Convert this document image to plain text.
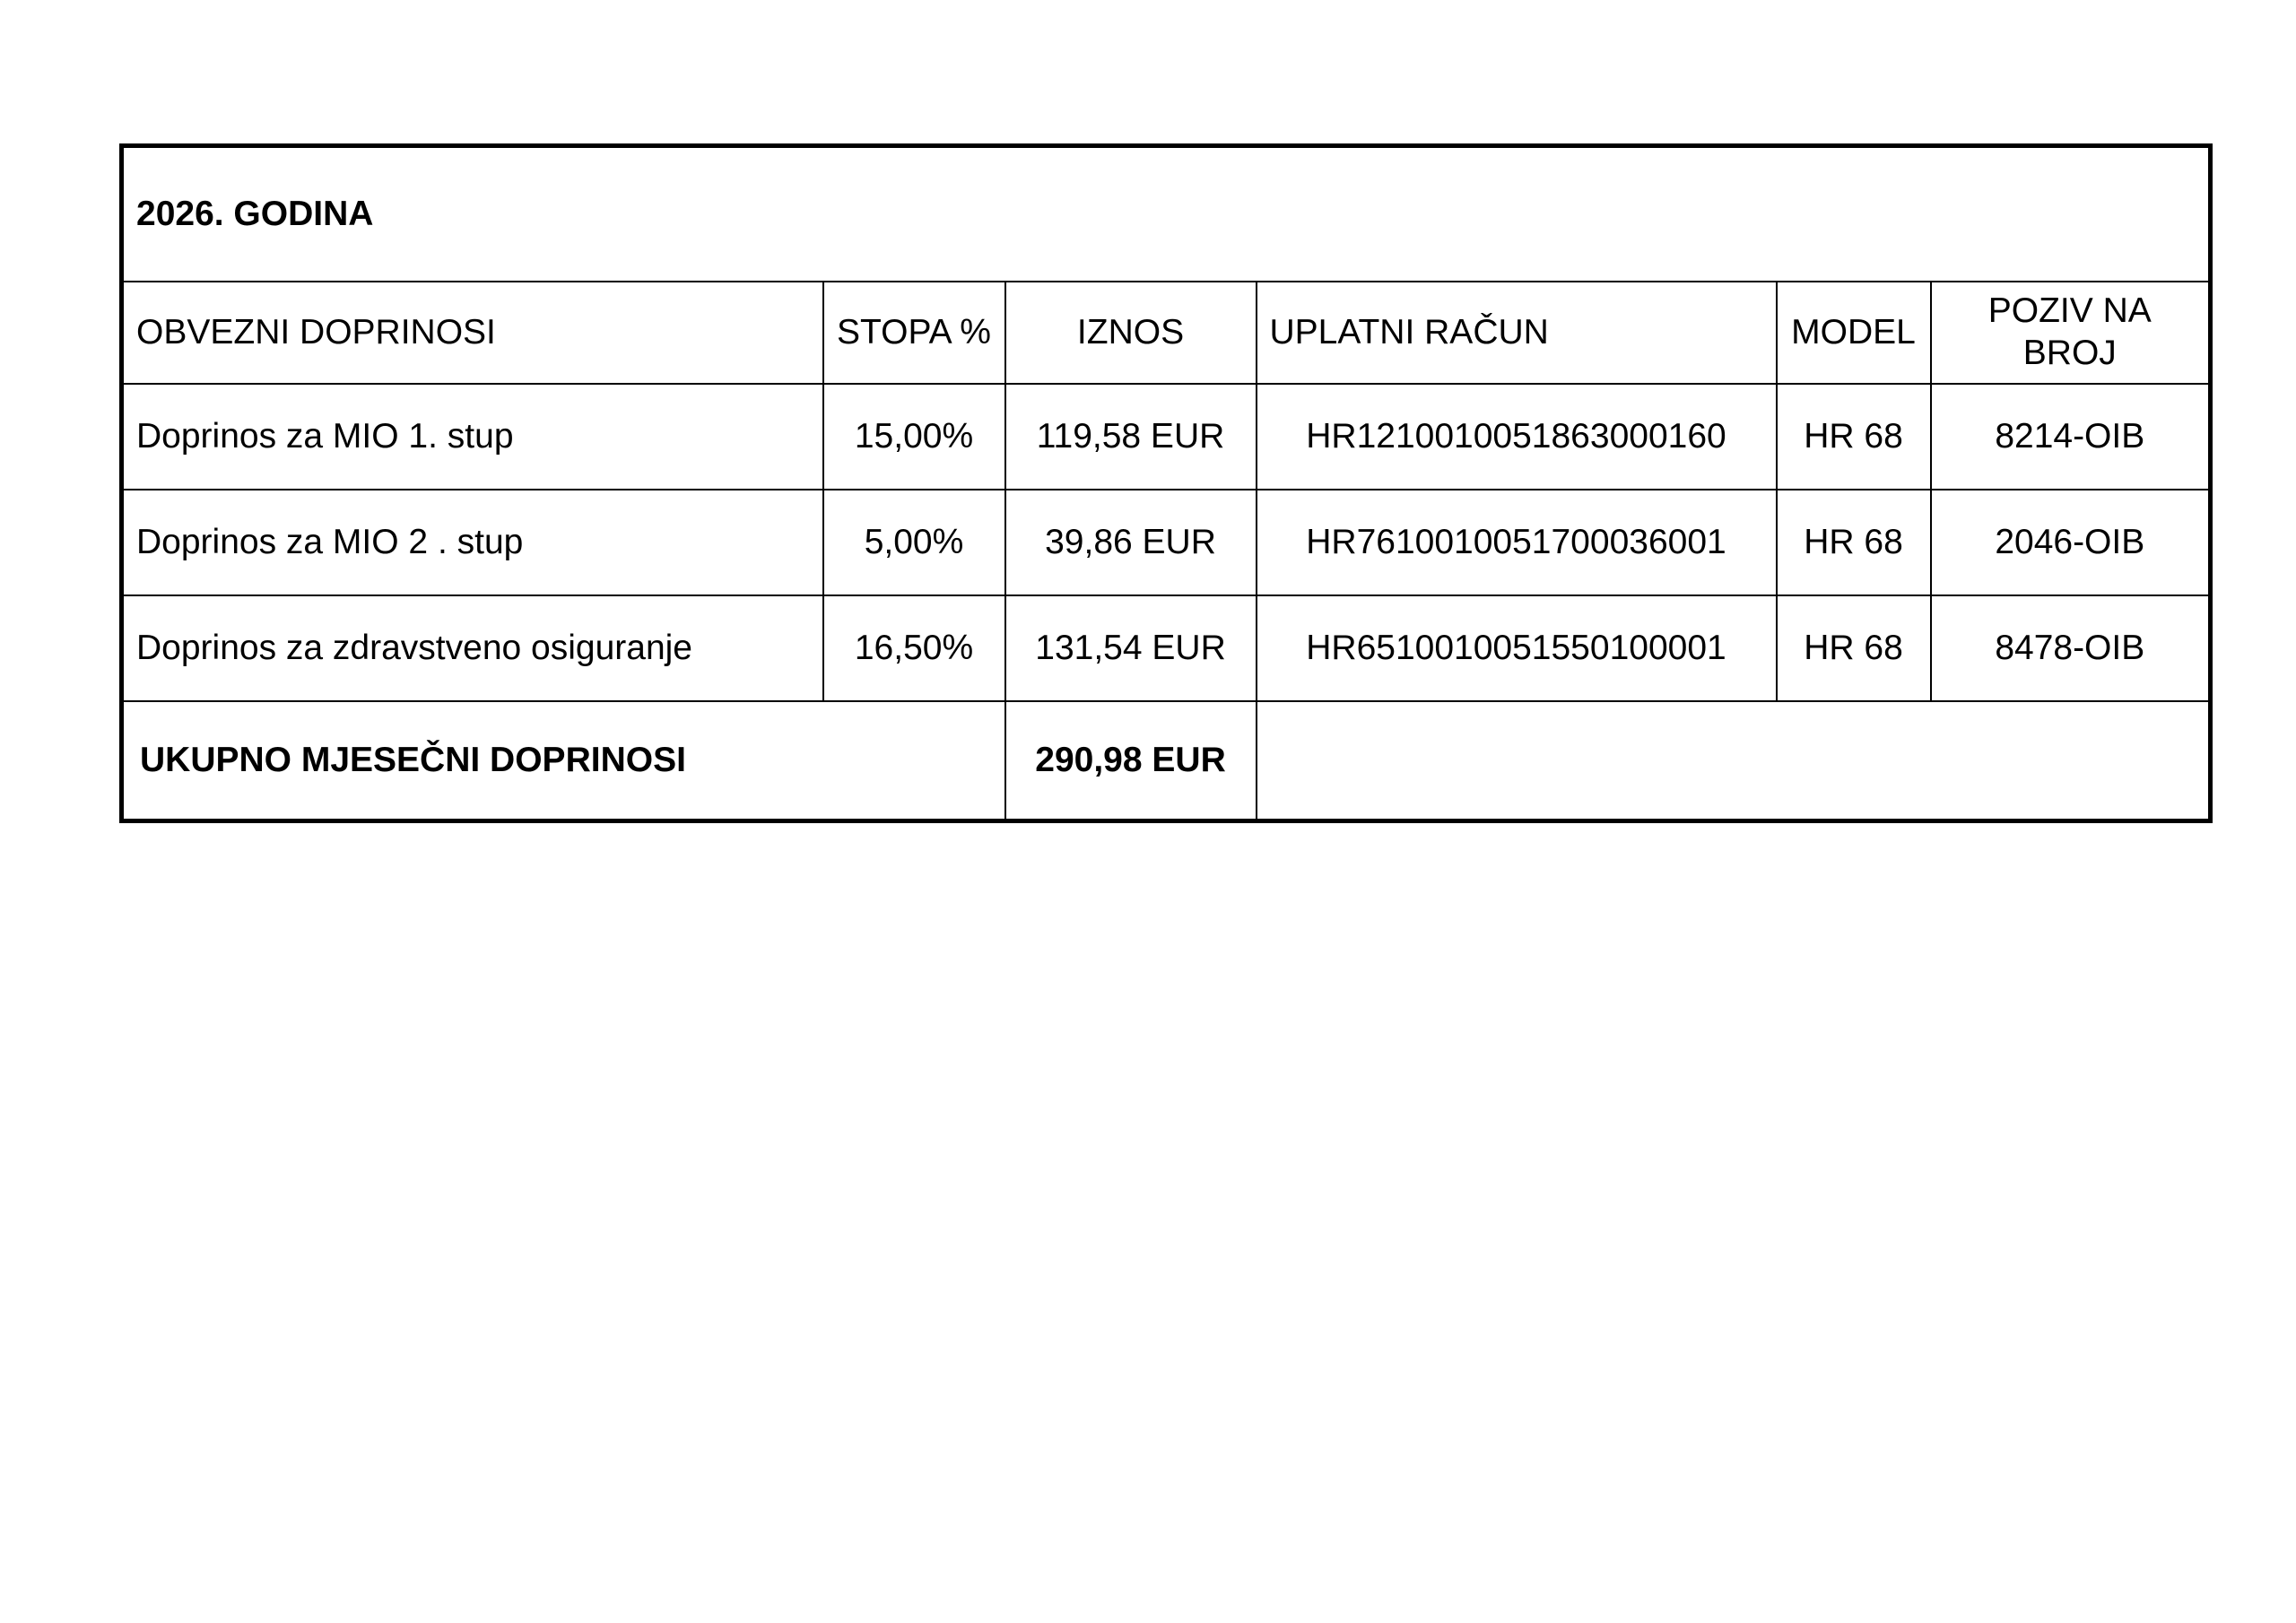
2026. GODINA					
OBVEZNI DOPRINOSI	STOPA %	IZNOS	UPLATNI RAČUN	MODEL	POZIV NA BROJ
Doprinos za MIO 1. stup	15,00%	119,58 EUR	HR1210010051863000160	HR 68	8214-OIB
Doprinos za MIO 2 . stup	5,00%	39,86 EUR	HR7610010051700036001	HR 68	2046-OIB
Doprinos za zdravstveno osiguranje	16,50%	131,54 EUR	HR6510010051550100001	HR 68	8478-OIB
UKUPNO MJESEČNI DOPRINOSI		290,98 EUR			
